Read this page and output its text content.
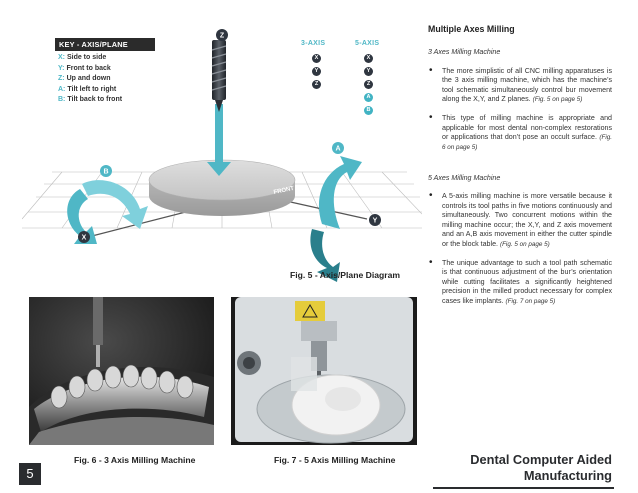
FRONT
Z
A
B
X
Y
KEY - AXIS/PLANE
X: Side to side
Y: Front to back
Z: Up and down
A: Tilt left to right
B: Tilt back to front
3-AXIS	5-AXIS
X
Y
Z
X
Y
Z
A
B
Fig. 5 - Axis/Plane Diagram
Multiple Axes Milling
3 Axes Milling Machine
• The more simplistic of all CNC milling apparatuses is the 3 axis milling machine, which has the machine’s tool schematic simultaneously control bur movement along the X,Y, and Z planes. (Fig. 5 on page 5)
• This type of milling machine is appropriate and applicable for most dental non-complex restorations or applications that don’t pose an occult surface. (Fig. 6 on page 5)
5 Axes Milling Machine
• A 5-axis milling machine is more versatile because it controls its tool paths in five motions continuously and simultaneously. Two concurrent motions within the milling machine occur; the X,Y, and Z axis movement and an A,B axis movement in either the cutter spindle or the block table. (Fig. 5 on page 5)
• The unique advantage to such a tool path schematic is that continuous adjustment of the bur’s orientation while cutting facilitates a significantly heightened precision in the milled product necessary for complex cases like implants. (Fig. 7 on page 5)
Fig. 6 - 3 Axis Milling Machine	Fig. 7 - 5 Axis Milling Machine
5
Dental Computer Aided
Manufacturing
